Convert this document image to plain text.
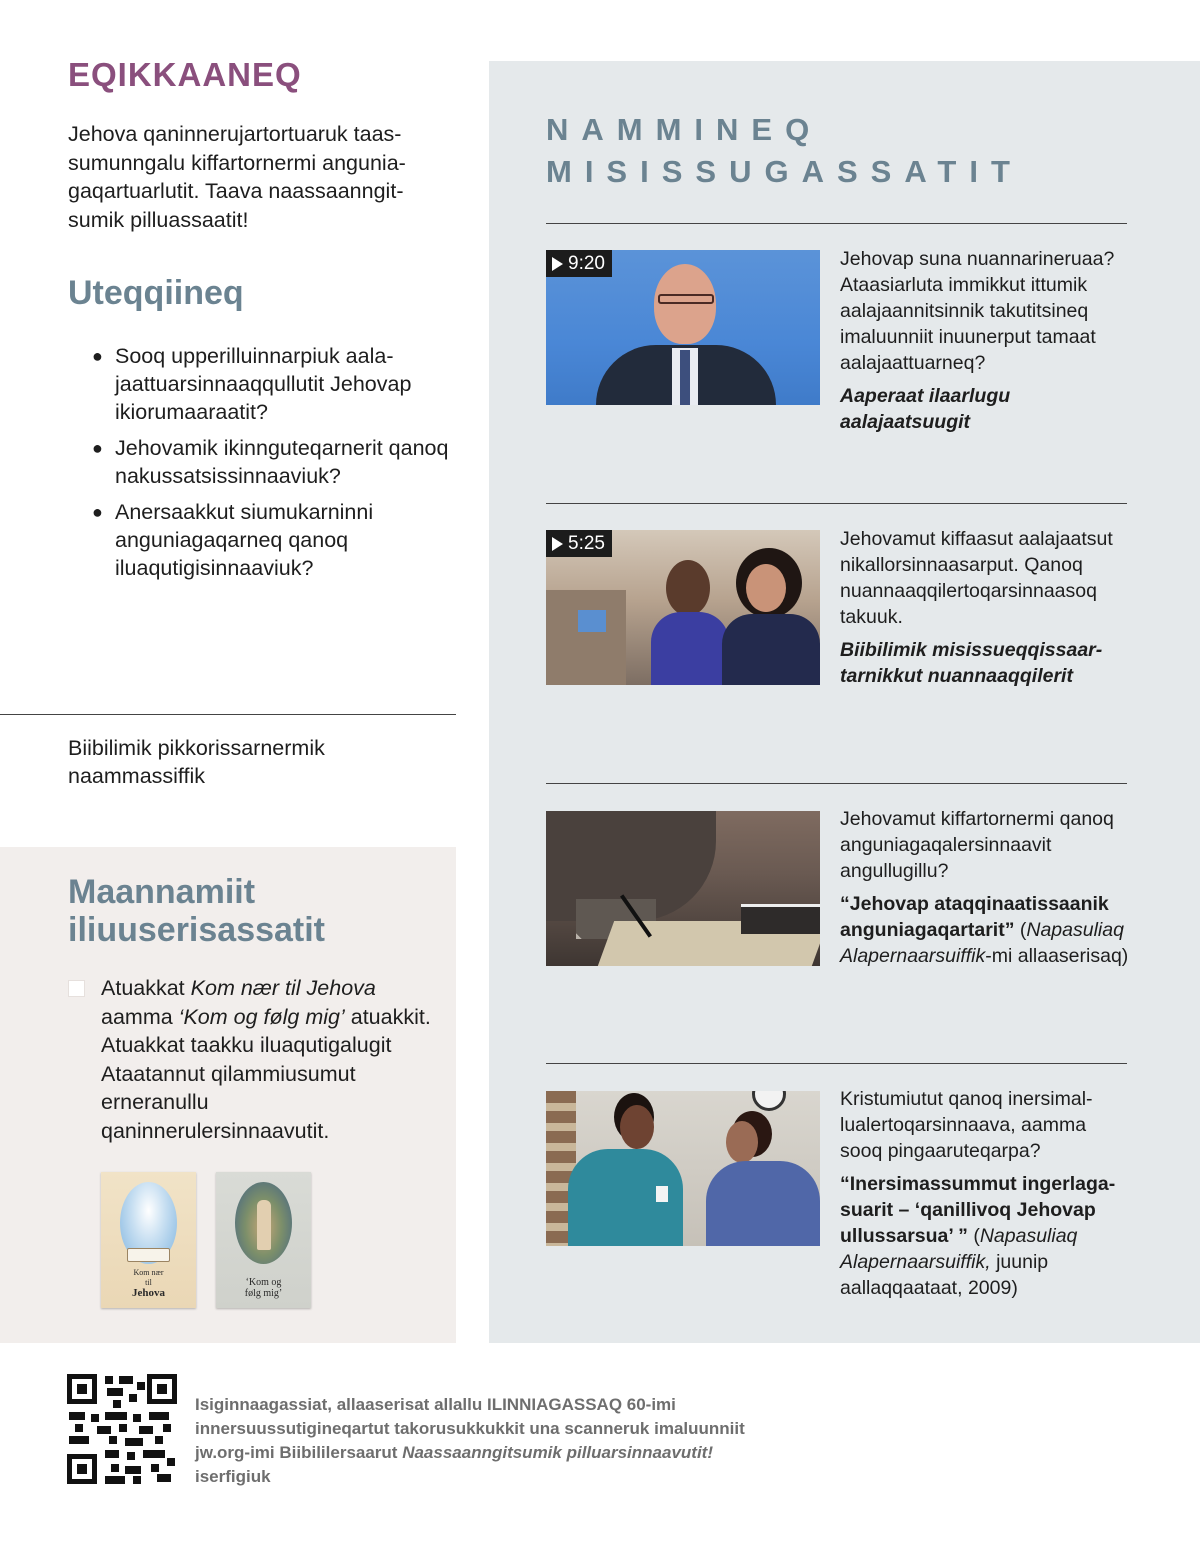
EQIKKAANEQ

Jehova qaninnerujartortuaruk taassumunngalu kiffartornermi anguniagaqartuarlutit. Taava naassaanngitsumik pilluassaatit!

Uteqqiineq
● Sooq upperilluinnarpiuk aalajaattuarsinnaaqqullutit Jehovap ikiorumaaraatit?
● Jehovamik ikinnguteqarnerit qanoq nakussatsissinnaaviuk?
● Anersaakkut siumukarninni anguniagaqarneq qanoq iluaqutigisinnaaviuk?

Biibilimik pikkorissarnermik naammassiffik

Maannamiit iliuuserisassatit

Atuakkat Kom nær til Jehova aamma ‘Kom og følg mig’ atuakkit. Atuakkat taakku iluaqutigalugit Ataatannut qilammiusumut erneranullu qaninnerulersinnaavutit.

Kom nær
til
Jehova
‘Kom og
følg mig’
NAMMINEQ
MISISSUGASSATIT
9:20	Jehovap suna nuannarineruaa? Ataasiarluta immikkut ittumik aalajaannitsinnik takutitsineq imaluunniit inuunerput tamaat aalajaattuarneq?
Aaperaat ilaarlugu aalajaatsuugit
5:25	Jehovamut kiffaasut aalajaatsut nikallorsinnaasarput. Qanoq nuannaaqqilertoqarsinnaasoq takuuk.
Biibilimik misissueqqissaartarnikkut nuannaaqqilerit
Jehovamut kiffartornermi qanoq anguniagaqalersinnaavit angullugillu?
“Jehovap ataqqinaatissaanik anguniagaqartarit” (Napasuliaq Alapernaarsuiffik-mi allaaserisaq)
Kristumiutut qanoq inersimallualertoqarsinnaava, aamma sooq pingaaruteqarpa?
“Inersimassummut ingerlagasuarit – ‘qanillivoq Jehovap ullussarsua’ ” (Napasuliaq Alapernaarsuiffik, juunip aallaqqaataat, 2009)

Isiginnaagassiat, allaaserisat allallu ILINNIAGASSAQ 60-imi innersuussutigineqartut takorusukkukkit una scanneruk imaluunniit jw.org-imi Biibililersaarut Naassaanngitsumik pilluarsinnaavutit! iserfigiuk
